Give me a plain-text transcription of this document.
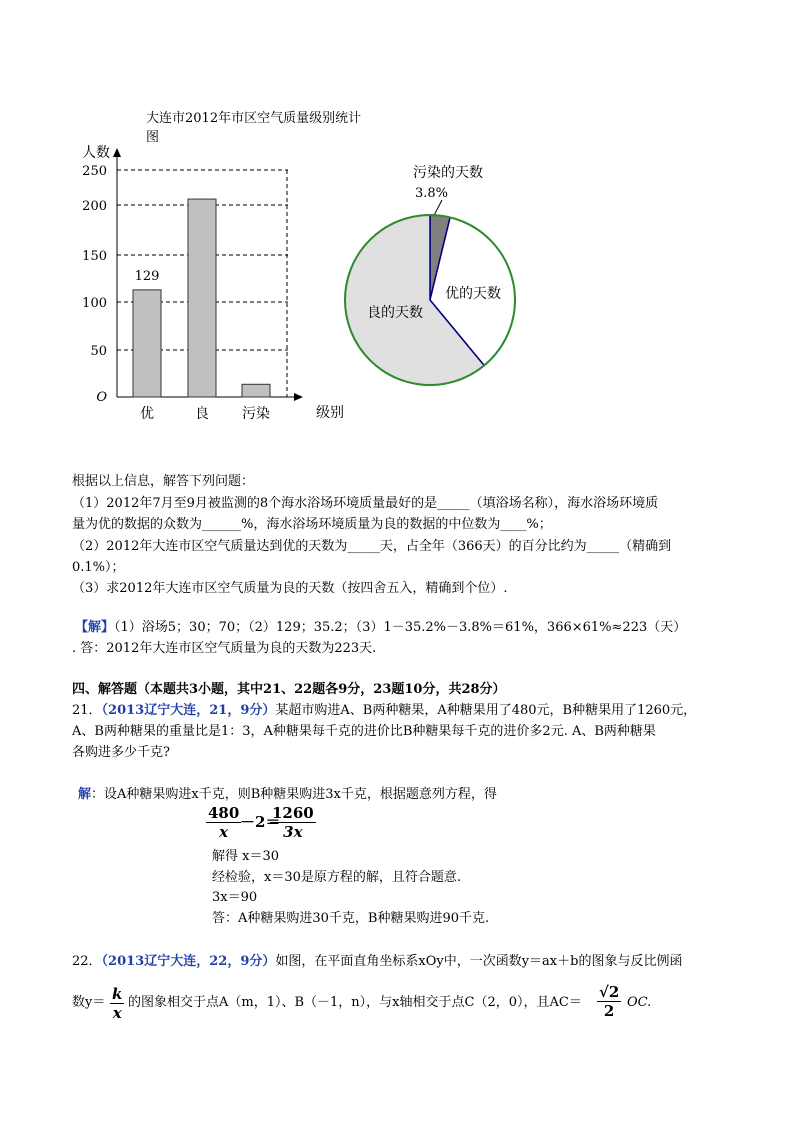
大连市2012年市区空气质量级别统计
图
人数
250
200
150
100
50
O
优	良 污染
129
级别
污染的天数
3.8%
优的天数
良的天数
根据以上信息，解答下列问题：
（1）2012年7月至9月被监测的8个海水浴场环境质量最好的是_____（填浴场名称），海水浴场环境质
量为优的数据的众数为______%，海水浴场环境质量为良的数据的中位数为____%；
（2）2012年大连市区空气质量达到优的天数为_____天，占全年（366天）的百分比约为_____（精确到
0.1%）；
（3）求2012年大连市区空气质量为良的天数（按四舍五入，精确到个位）.
【解】（1）浴场5；30；70；（2）129；35.2；（3）1－35.2%－3.8%＝61%，366×61%≈223（天）
. 答：2012年大连市区空气质量为良的天数为223天.
四、解答题（本题共3小题，其中21、22题各9分，23题10分，共28分）
21．（2013辽宁大连，21，9分）某超市购进A、B两种糖果，A种糖果用了480元，B种糖果用了1260元，
A、B两种糖果的重量比是1：3，A种糖果每千克的进价比B种糖果每千克的进价多2元. A、B两种糖果
各购进多少千克?
解：设A种糖果购进x千克，则B种糖果购进3x千克，根据题意列方程，得
$\frac{480}{x}$
－2＝
$\frac{1260}{3x}$
解得 x＝30
经检验，x＝30是原方程的解，且符合题意.
3x＝90
答：A种糖果购进30千克，B种糖果购进90千克.
22．（2013辽宁大连，22，9分）如图，在平面直角坐标系xOy中，一次函数y＝ax＋b的图象与反比例函
数$y= \frac{k}{x}$ 的图象相交于点A（m，1）、B（－1，n），与x轴相交于点C（2，0），且$AC= \frac{√2}{2}$ OC.
